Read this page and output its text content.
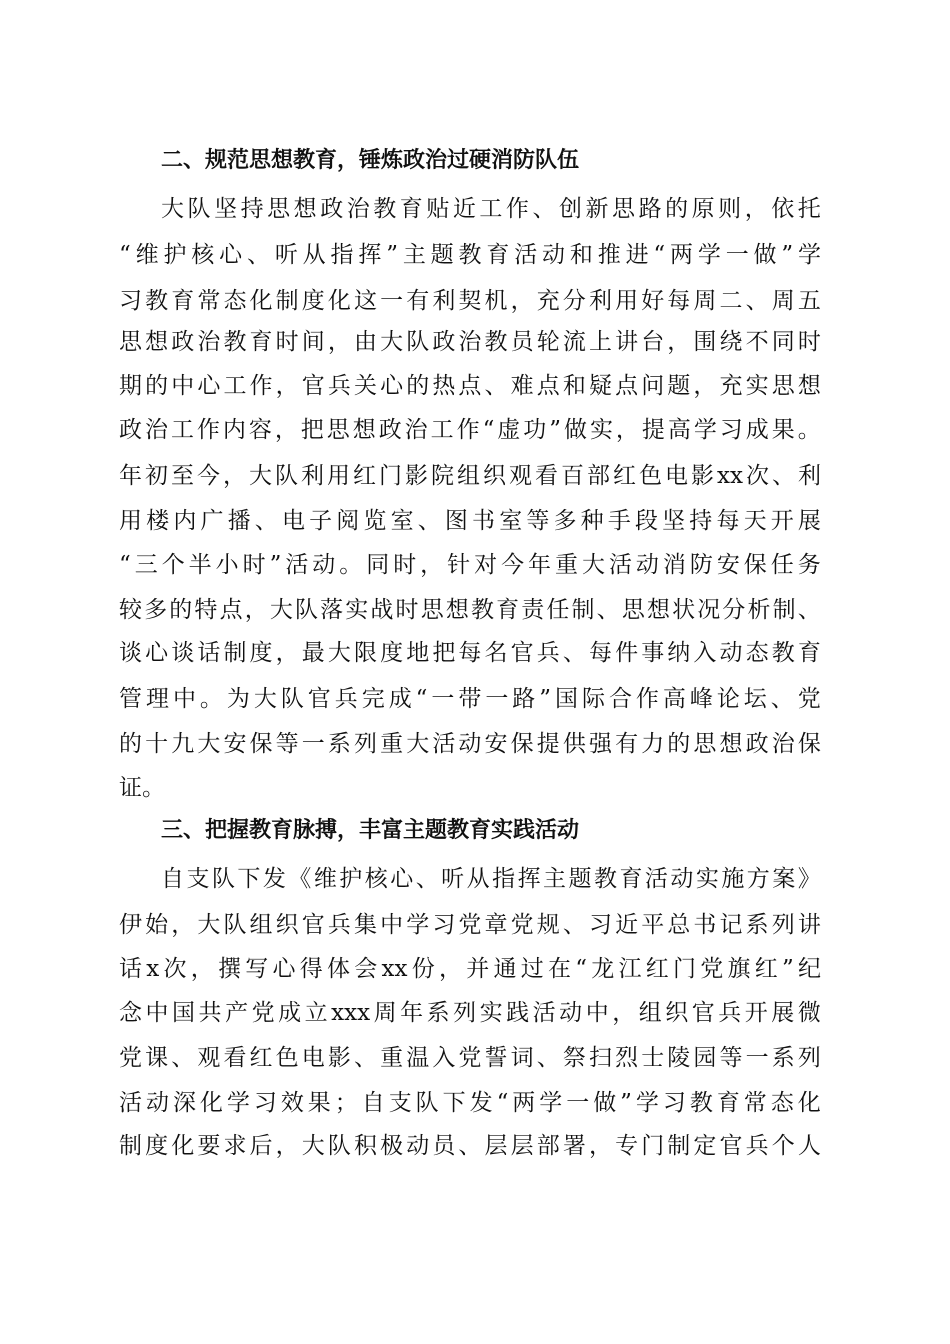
二、规范思想教育，锤炼政治过硬消防队伍
大 队 坚 持 思 想 政 治 教 育 贴 近 工 作 、 创 新 思 路 的 原 则 ， 依 托
“ 维 护 核 心 、 听 从 指 挥 ” 主 题 教 育 活 动 和 推 进 “ 两 学 一 做 ” 学
习 教 育 常 态 化 制 度 化 这 一 有 利 契 机 ， 充 分 利 用 好 每 周 二 、 周 五
思 想 政 治 教 育 时 间 ， 由 大 队 政 治 教 员 轮 流 上 讲 台 ， 围 绕 不 同 时
期 的 中 心 工 作 ， 官 兵 关 心 的 热 点 、 难 点 和 疑 点 问 题 ， 充 实 思 想
政 治 工 作 内 容 ， 把 思 想 政 治 工 作 “ 虚 功 ” 做 实 ， 提 高 学 习 成 果 。
年 初 至 今 ， 大 队 利 用 红 门 影 院 组 织 观 看 百 部 红 色 电 影 xx 次 、 利
用 楼 内 广 播 、 电 子 阅 览 室 、 图 书 室 等 多 种 手 段 坚 持 每 天 开 展
“ 三 个 半 小 时 ” 活 动 。 同 时 ， 针 对 今 年 重 大 活 动 消 防 安 保 任 务
较 多 的 特 点 ， 大 队 落 实 战 时 思 想 教 育 责 任 制 、 思 想 状 况 分 析 制 、
谈 心 谈 话 制 度 ， 最 大 限 度 地 把 每 名 官 兵 、 每 件 事 纳 入 动 态 教 育
管 理 中 。 为 大 队 官 兵 完 成 “ 一 带 一 路 ” 国 际 合 作 高 峰 论 坛 、 党
的 十 九 大 安 保 等 一 系 列 重 大 活 动 安 保 提 供 强 有 力 的 思 想 政 治 保
证 。
三、把握教育脉搏，丰富主题教育实践活动
自 支 队 下 发 《 维 护 核 心 、 听 从 指 挥 主 题 教 育 活 动 实 施 方 案 》
伊 始 ， 大 队 组 织 官 兵 集 中 学 习 党 章 党 规 、 习 近 平 总 书 记 系 列 讲
话 x 次 ， 撰 写 心 得 体 会 xx 份 ， 并 通 过 在 “ 龙 江 红 门 党 旗 红 ” 纪
念 中 国 共 产 党 成 立 xxx 周 年 系 列 实 践 活 动 中 ， 组 织 官 兵 开 展 微
党 课 、 观 看 红 色 电 影 、 重 温 入 党 誓 词 、 祭 扫 烈 士 陵 园 等 一 系 列
活 动 深 化 学 习 效 果 ； 自 支 队 下 发 “ 两 学 一 做 ” 学 习 教 育 常 态 化
制 度 化 要 求 后 ， 大 队 积 极 动 员 、 层 层 部 署 ， 专 门 制 定 官 兵 个 人
